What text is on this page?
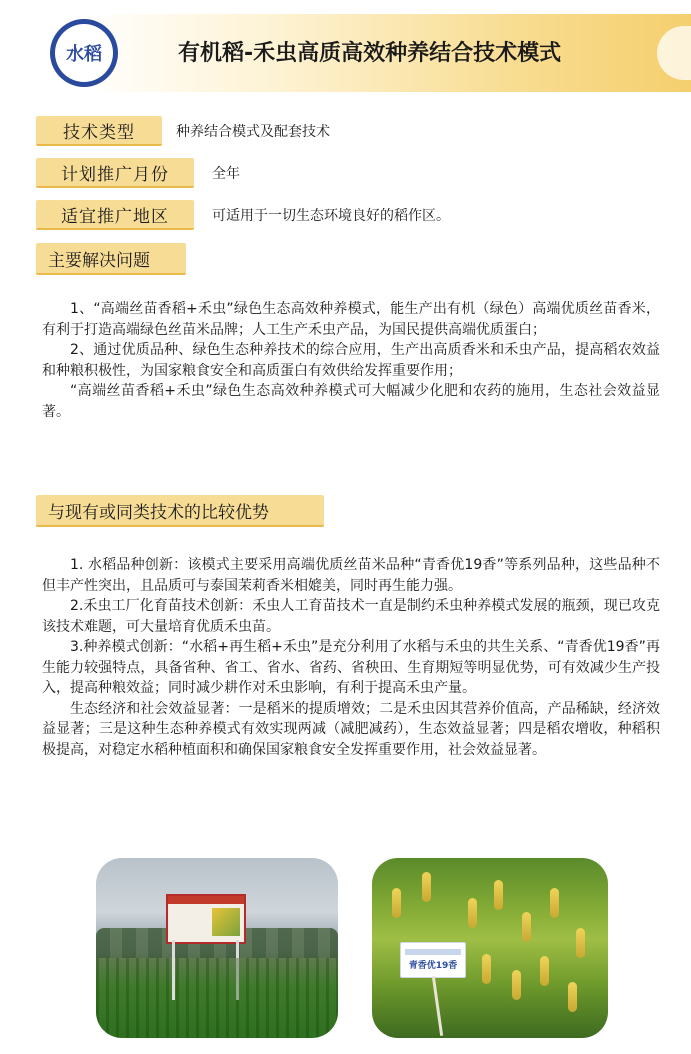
水稻	有机稻-禾虫高质高效种养结合技术模式
技术类型	种养结合模式及配套技术
计划推广月份	全年
适宜推广地区	可适用于一切生态环境良好的稻作区。
主要解决问题

1、“高端丝苗香稻+禾虫”绿色生态高效种养模式，能生产出有机（绿色）高端优质丝苗香米，有利于打造高端绿色丝苗米品牌；人工生产禾虫产品，为国民提供高端优质蛋白；

2、通过优质品种、绿色生态种养技术的综合应用，生产出高质香米和禾虫产品，提高稻农效益和种粮积极性，为国家粮食安全和高质蛋白有效供给发挥重要作用；

“高端丝苗香稻+禾虫”绿色生态高效种养模式可大幅减少化肥和农药的施用，生态社会效益显著。

与现有或同类技术的比较优势

1. 水稻品种创新：该模式主要采用高端优质丝苗米品种“青香优19香”等系列品种，这些品种不但丰产性突出，且品质可与泰国茉莉香米相媲美，同时再生能力强。

2.禾虫工厂化育苗技术创新：禾虫人工育苗技术一直是制约禾虫种养模式发展的瓶颈，现已攻克该技术难题，可大量培育优质禾虫苗。

3.种养模式创新：“水稻+再生稻+禾虫”是充分利用了水稻与禾虫的共生关系、“青香优19香”再生能力较强特点，具备省种、省工、省水、省药、省秧田、生育期短等明显优势，可有效减少生产投入，提高种粮效益；同时减少耕作对禾虫影响，有利于提高禾虫产量。

生态经济和社会效益显著：一是稻米的提质增效；二是禾虫因其营养价值高，产品稀缺，经济效益显著；三是这种生态种养模式有效实现两减（减肥减药），生态效益显著；四是稻农增收，种稻积极提高，对稳定水稻种植面积和确保国家粮食安全发挥重要作用，社会效益显著。

青香优19香
